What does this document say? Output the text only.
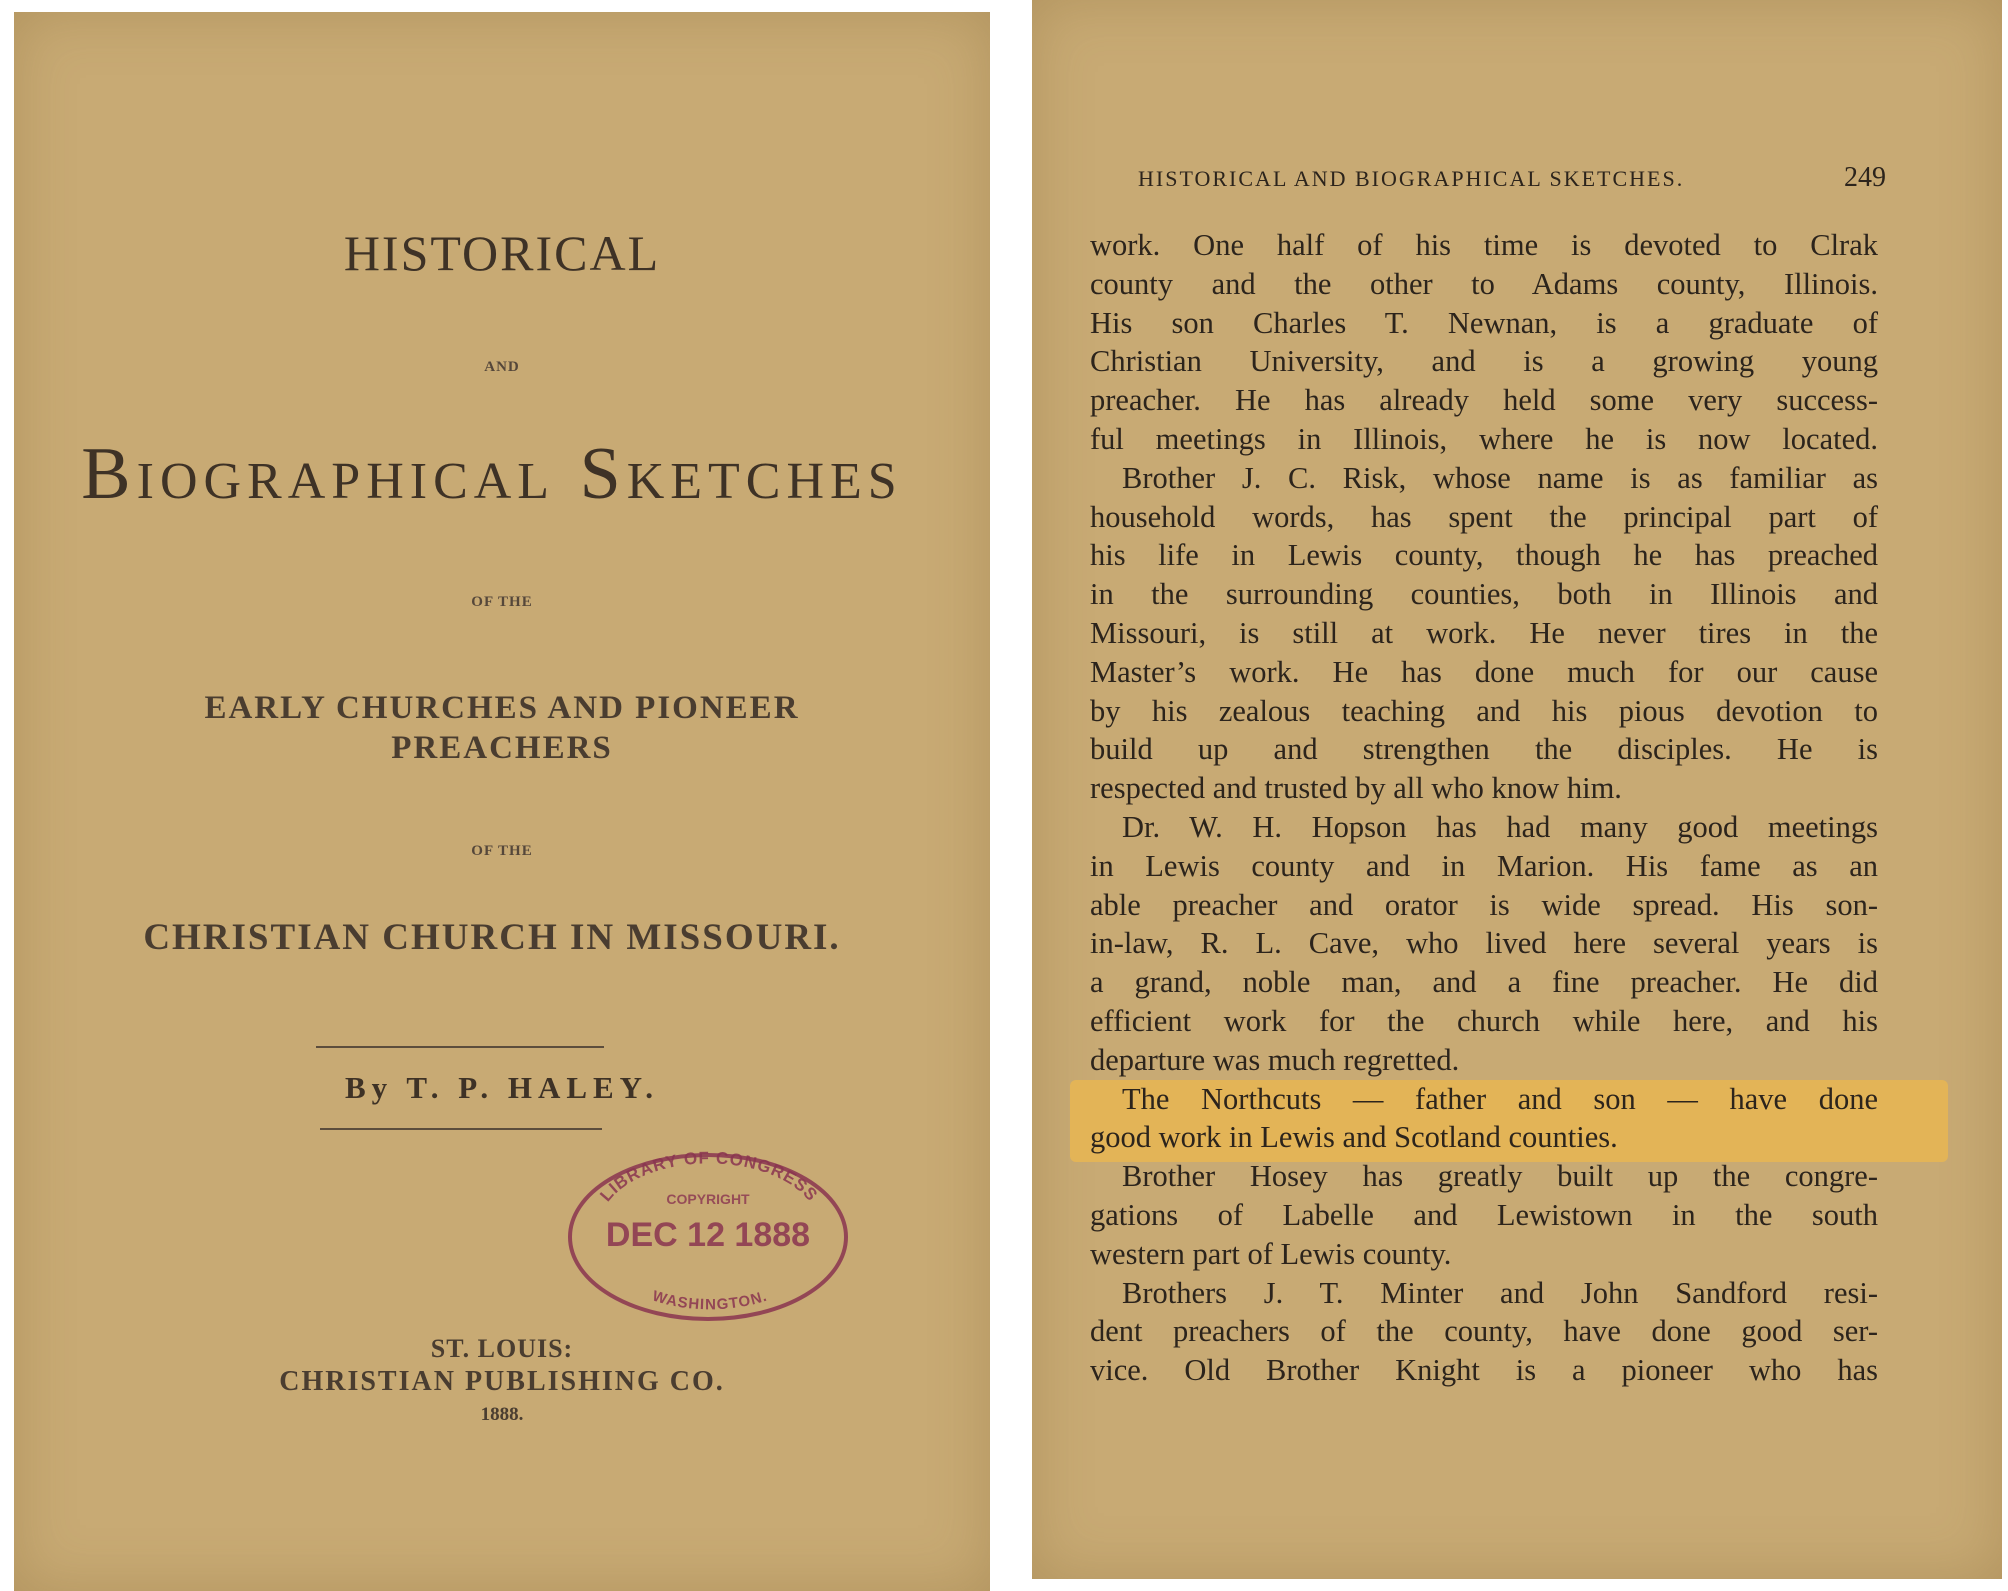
HISTORICAL
AND
Biographical Sketches
OF THE
EARLY CHURCHES AND PIONEER
PREACHERS
OF THE
CHRISTIAN CHURCH IN MISSOURI.
By T. P. HALEY.
LIBRARY OF CONGRESS
COPYRIGHT
DEC 12 1888
WASHINGTON.
ST. LOUIS:
CHRISTIAN PUBLISHING CO.
1888.
HISTORICAL AND BIOGRAPHICAL SKETCHES.	249
work. One half of his time is devoted to Clrak
county and the other to Adams county, Illinois.
His son Charles T. Newnan, is a graduate of
Christian University, and is a growing young
preacher. He has already held some very success-
ful meetings in Illinois, where he is now located.
Brother J. C. Risk, whose name is as familiar as
household words, has spent the principal part of
his life in Lewis county, though he has preached
in the surrounding counties, both in Illinois and
Missouri, is still at work. He never tires in the
Master’s work. He has done much for our cause
by his zealous teaching and his pious devotion to
build up and strengthen the disciples. He is
respected and trusted by all who know him.
Dr. W. H. Hopson has had many good meetings
in Lewis county and in Marion. His fame as an
able preacher and orator is wide spread. His son-
in-law, R. L. Cave, who lived here several years is
a grand, noble man, and a fine preacher. He did
efficient work for the church while here, and his
departure was much regretted.
The Northcuts — father and son — have done
good work in Lewis and Scotland counties.
Brother Hosey has greatly built up the congre-
gations of Labelle and Lewistown in the south
western part of Lewis county.
Brothers J. T. Minter and John Sandford resi-
dent preachers of the county, have done good ser-
vice. Old Brother Knight is a pioneer who has
